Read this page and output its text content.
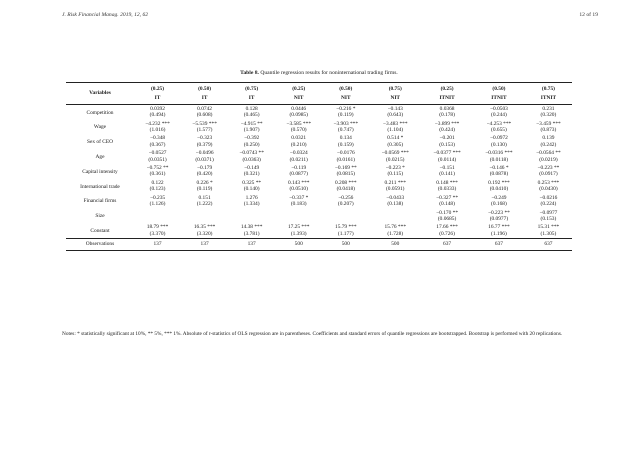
J. Risk Financial Manag. 2019, 12, 62	12 of 19
Table 8. Quantile regression results for noninternational trading firms.
Variables	(0.25)	(0.50)	(0.75)	(0.25)	(0.50)	(0.75)	(0.25)	(0.50)	(0.75)
	IT	IT	IT	NIT	NIT	NIT	ITNIT	ITNIT	ITNIT
Competition	0.0392	0.0742	0.128	0.0446	−0.216 *	−0.143	0.0368	−0.0503	0.231
	(0.494)	(0.608)	(0.465)	(0.0985)	(0.119)	(0.643)	(0.178)	(0.244)	(0.320)
Wage	−4.232 ***	−5.539 ***	−4.915 **	−3.585 ***	−3.903 ***	−3.483 ***	−3.899 ***	−4.253 ***	−3.459 ***
	(1.016)	(1.577)	(1.907)	(0.570)	(0.747)	(1.104)	(0.424)	(0.655)	(0.873)
Sex of CEO	−0.348	−0.323	−0.392	0.0321	0.134	0.514 *	−0.201	−0.0972	0.139
	(0.367)	(0.379)	(0.250)	(0.210)	(0.159)	(0.305)	(0.153)	(0.130)	(0.242)
Age	−0.0527	−0.0496	−0.0743 **	−0.0324	−0.0176	−0.0569 ***	−0.0377 ***	−0.0316 ***	−0.0564 **
	(0.0351)	(0.0371)	(0.0363)	(0.0211)	(0.0161)	(0.0215)	(0.0114)	(0.0118)	(0.0219)
Capital intensity	−0.752 **	−0.179	−0.149	−0.119	−0.169 **	−0.223 *	−0.151	−0.146 *	−0.223 **
	(0.361)	(0.420)	(0.321)	(0.0877)	(0.0815)	(0.115)	(0.141)	(0.0878)	(0.0917)
International trade	0.122	0.226 *	0.325 **	0.143 ***	0.208 ***	0.211 ***	0.148 ***	0.192 ***	0.253 ***
	(0.123)	(0.119)	(0.140)	(0.0510)	(0.0418)	(0.0591)	(0.0333)	(0.0410)	(0.0430)
Financial firms	−0.235	0.151	1.276	−0.337 *	−0.256	−0.0433	−0.327 **	−0.249	−0.0216
	(1.126)	(1.222)	(1.334)	(0.183)	(0.207)	(0.138)	(0.148)	(0.168)	(0.224)
Size							−0.170 **	−0.223 **	−0.0977
							(0.0685)	(0.0977)	(0.153)
Constant	18.79 ***	16.35 ***	14.38 ***	17.25 ***	15.79 ***	15.76 ***	17.66 ***	16.77 ***	15.31 ***
	(3.370)	(3.320)	(3.781)	(1.393)	(1.177)	(1.728)	(0.726)	(1.196)	(1.305)
Observations	137	137	137	500	500	500	637	637	637
Notes: * statistically significant at 10%, ** 5%, *** 1%. Absolute of t-statistics of OLS regression are in parentheses. Coefficients and standard errors of quantile regressions are bootstrapped. Bootstrap is performed with 20 replications.
